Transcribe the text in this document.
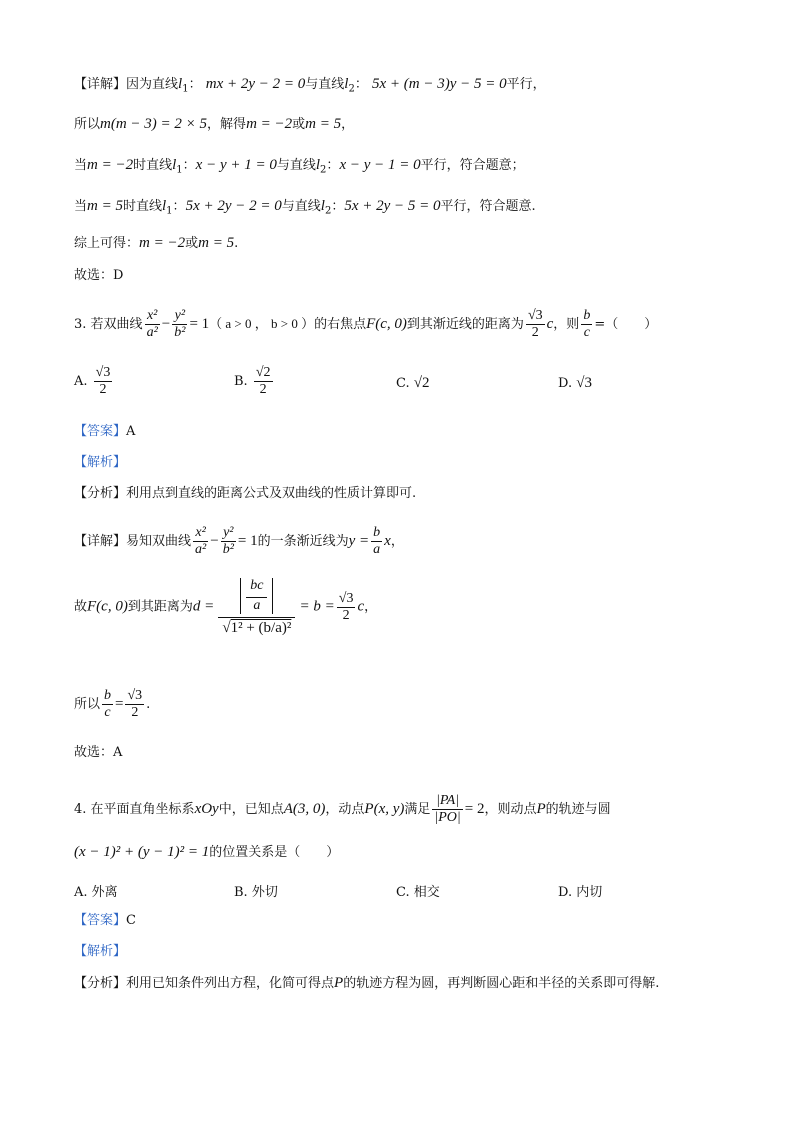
【详解】因为直线$l_1$： mx + 2y − 2 = 0与直线$l_2$： 5x + (m − 3)y − 5 = 0平行，
所以m(m − 3) = 2 × 5，解得m = −2或m = 5，
当m = −2时直线$l_1$：x − y + 1 = 0与直线$l_2$：x − y − 1 = 0平行，符合题意；
当m = 5时直线$l_1$：5x + 2y − 2 = 0与直线$l_2$：5x + 2y − 5 = 0平行，符合题意.
综上可得：m = −2或m = 5.
故选：D
3. 若双曲线 $\frac{\text{x²}}{\text{a²}} - \frac{\text{y²}}{\text{b²}} = 1$（ a > 0 ， b > 0 ）的右焦点F(c, 0)到其渐近线的距离为 $\frac{√3}{2}$ c，则 $\frac{b}{c}$ =（　　）
A. $\frac{√3}{2}$	B. $\frac{√2}{2}$	C. √2	D. √3
【答案】A
【解析】
【分析】利用点到直线的距离公式及双曲线的性质计算即可.
【详解】易知双曲线 $\frac{\text{x²}}{\text{a²}} - \frac{\text{y²}}{\text{b²}} = 1$的一条渐近线为$y = \frac{b}{a}$ x，
故F(c, 0)到其距离为$d = \frac{\frac{bc}{a}}{\text{√1² + (b/a)²}} = b = \frac{√3}{2}$ c，
所以 $\frac{b}{c} = \frac{√3}{2}$ .
故选：A
4. 在平面直角坐标系xOy中，已知点A(3, 0)，动点P(x, y)满足 $\frac{|PA|}{|PO|} = 2$，则动点P的轨迹与圆
(x − 1)² + (y − 1)² = 1的位置关系是（　　）
A. 外离	B. 外切	C. 相交	D. 内切
【答案】C
【解析】
【分析】利用已知条件列出方程，化简可得点P的轨迹方程为圆，再判断圆心距和半径的关系即可得解.
